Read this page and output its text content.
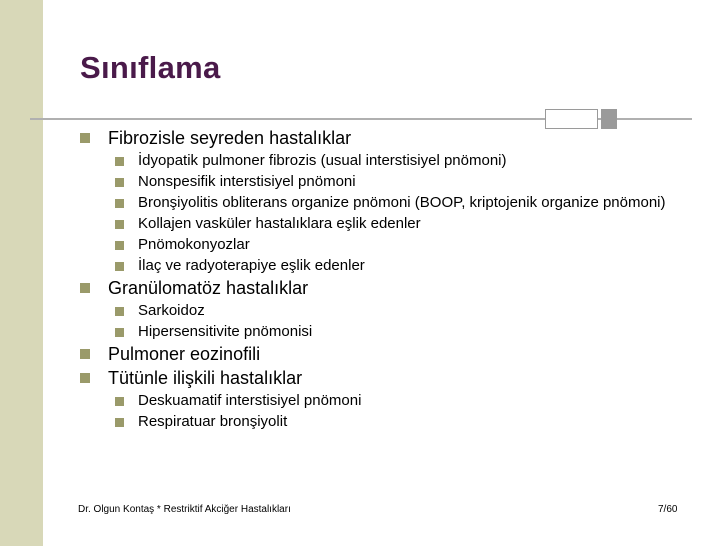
Sınıflama
Fibrozisle seyreden hastalıklar
İdyopatik pulmoner fibrozis (usual interstisiyel pnömoni)
Nonspesifik interstisiyel pnömoni
Bronşiyolitis obliterans organize pnömoni (BOOP, kriptojenik organize pnömoni)
Kollajen vasküler hastalıklara eşlik edenler
Pnömokonyozlar
İlaç ve radyoterapiye eşlik edenler
Granülomatöz hastalıklar
Sarkoidoz
Hipersensitivite pnömonisi
Pulmoner eozinofili
Tütünle ilişkili hastalıklar
Deskuamatif interstisiyel pnömoni
Respiratuar bronşiyolit
Dr. Olgun Kontaş * Restriktif Akciğer Hastalıkları	7/60
